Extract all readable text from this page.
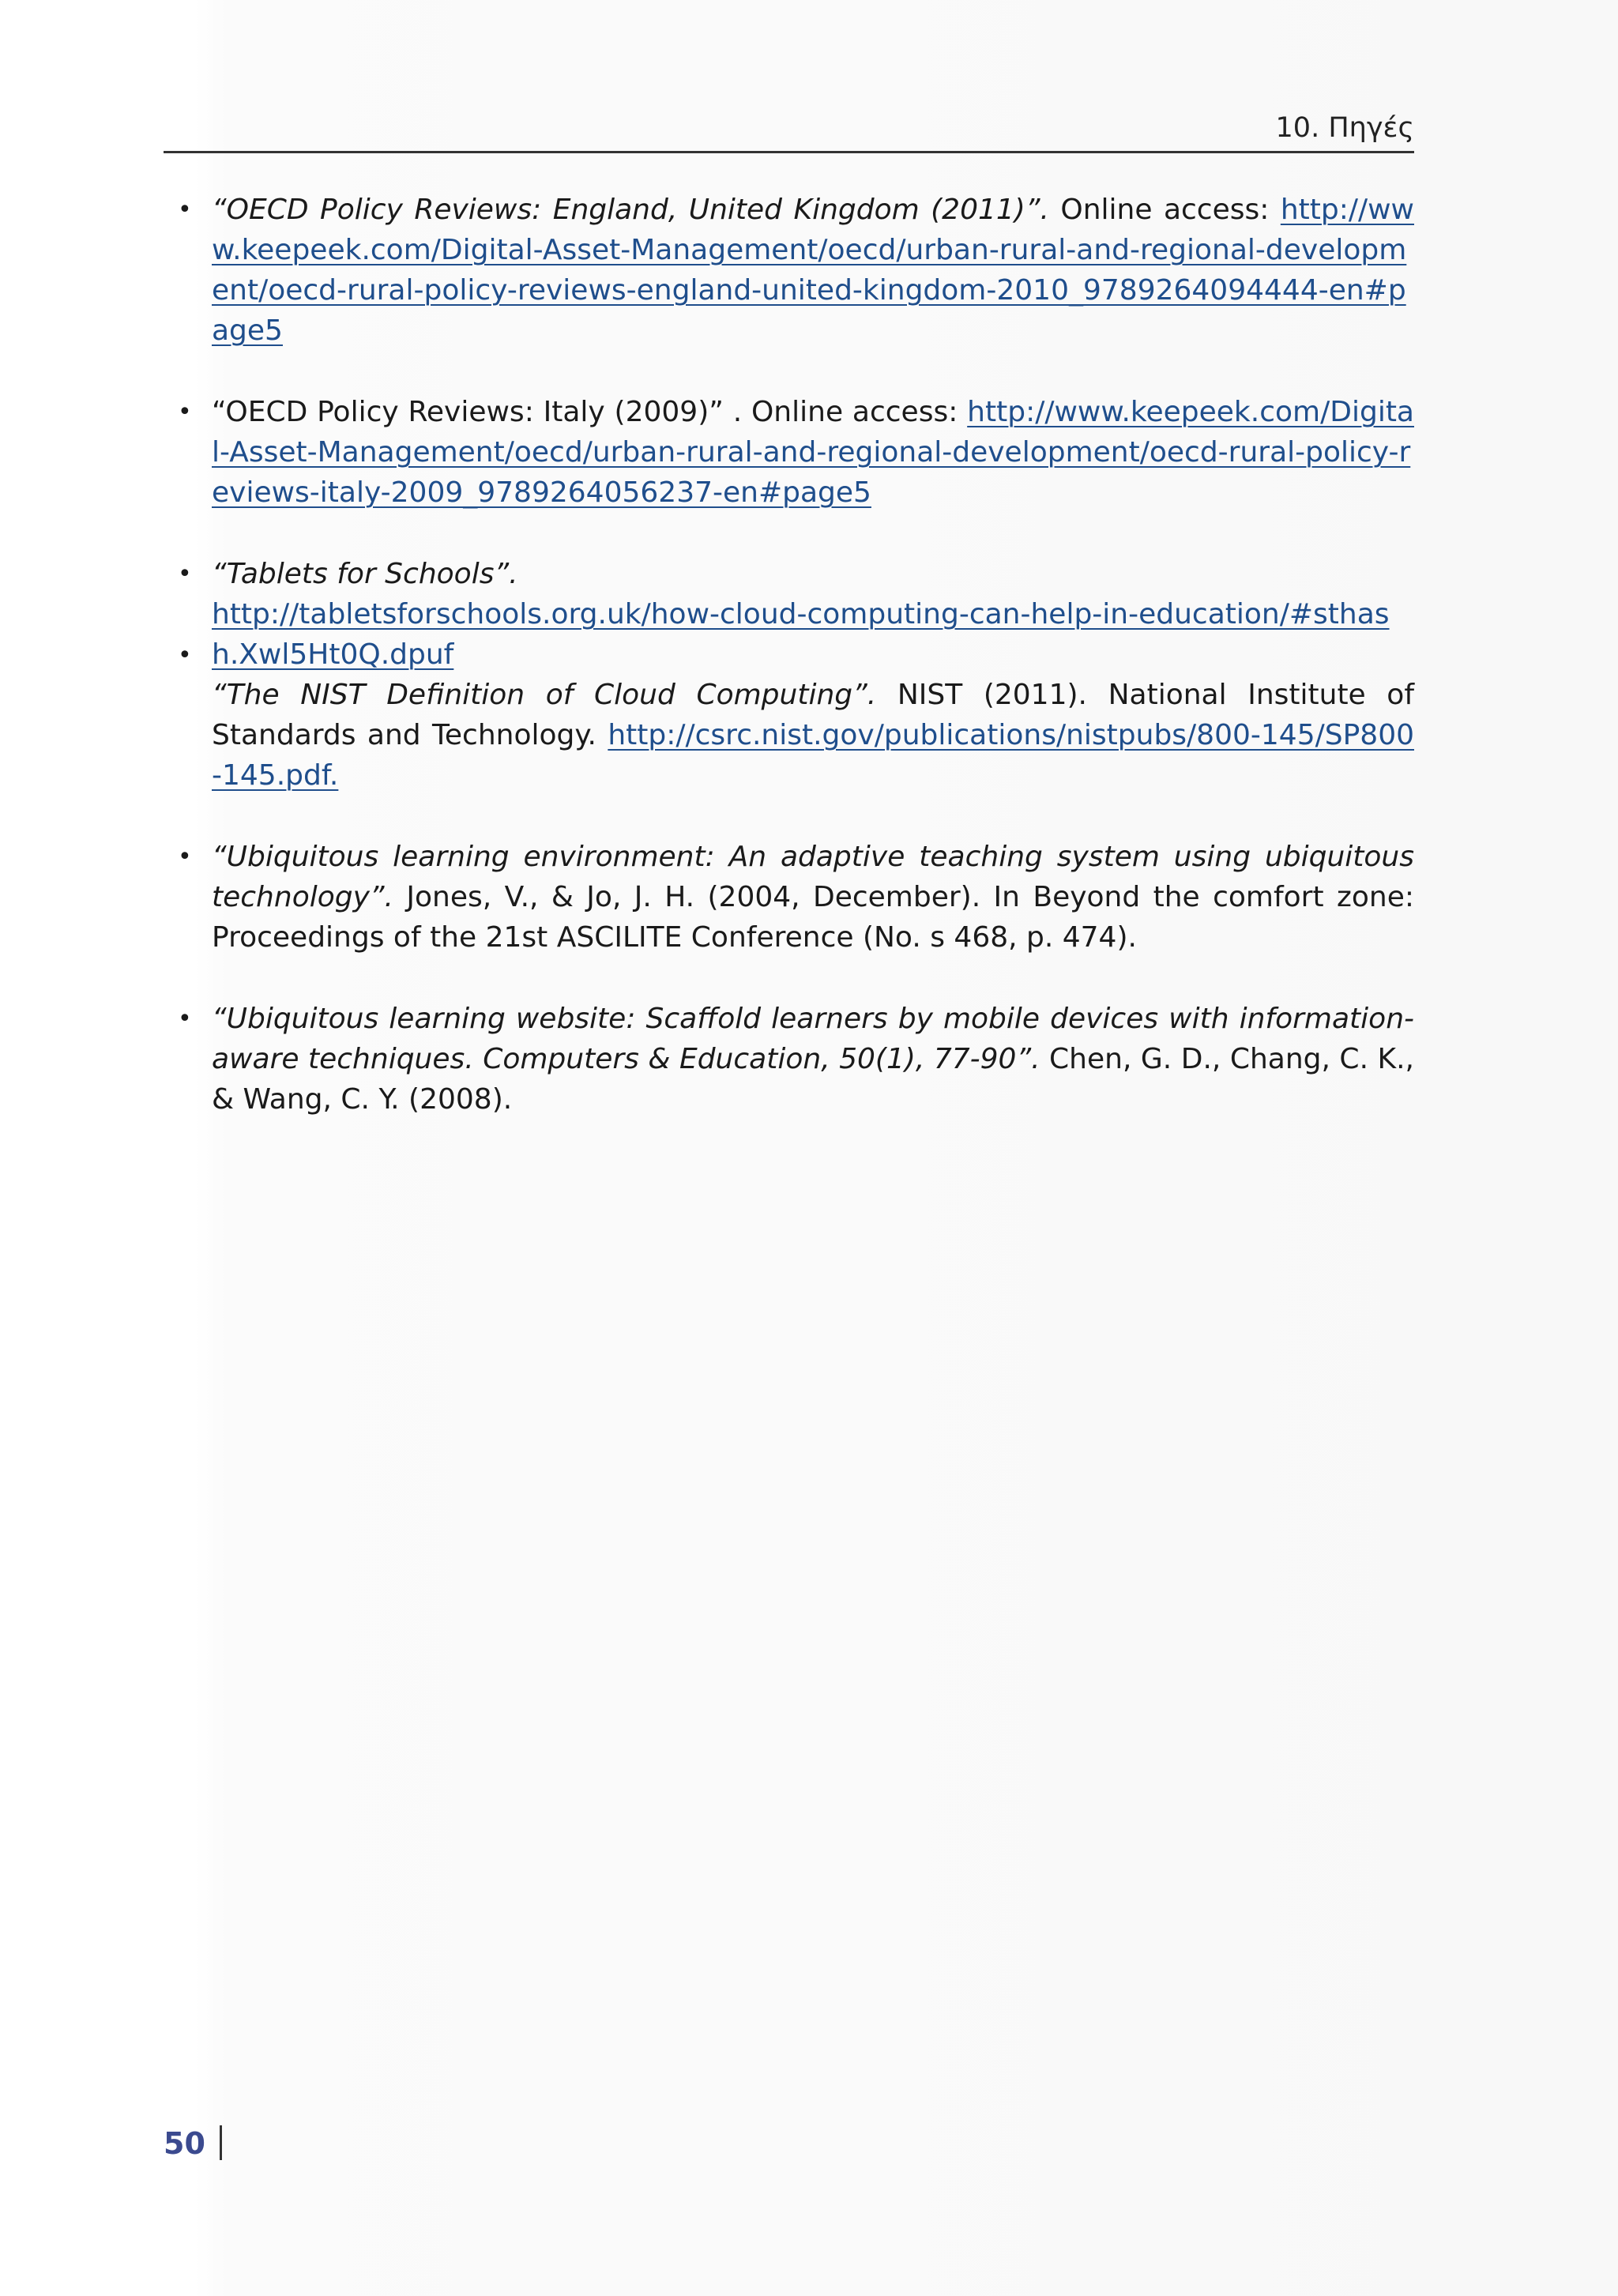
10. Πηγές
• “OECD Policy Reviews: England, United Kingdom (2011)”. Online access: http://www.keepeek.com/Digital-Asset-Management/oecd/urban-rural-and-regional-development/oecd-rural-policy-reviews-england-united-kingdom-2010_9789264094444-en#page5
• “OECD Policy Reviews: Italy (2009)” . Online access: http://www.keepeek.com/Digital-Asset-Management/oecd/urban-rural-and-regional-development/oecd-rural-policy-reviews-italy-2009_9789264056237-en#page5
• “Tablets for Schools”.
http://tabletsforschools.org.uk/how-cloud-computing-can-help-in-education/#sthash.Xwl5Ht0Q.dpuf
•
“The NIST Definition of Cloud Computing”. NIST (2011). National Institute of Standards and Technology. http://csrc.nist.gov/publications/nistpubs/800-145/SP800-145.pdf.
• “Ubiquitous learning environment: An adaptive teaching system using ubiquitous technology”. Jones, V., & Jo, J. H. (2004, December). In Beyond the comfort zone: Proceedings of the 21st ASCILITE Conference (No. s 468, p. 474).
• “Ubiquitous learning website: Scaffold learners by mobile devices with information-aware techniques. Computers & Education, 50(1), 77-90”. Chen, G. D., Chang, C. K., & Wang, C. Y. (2008).
50
